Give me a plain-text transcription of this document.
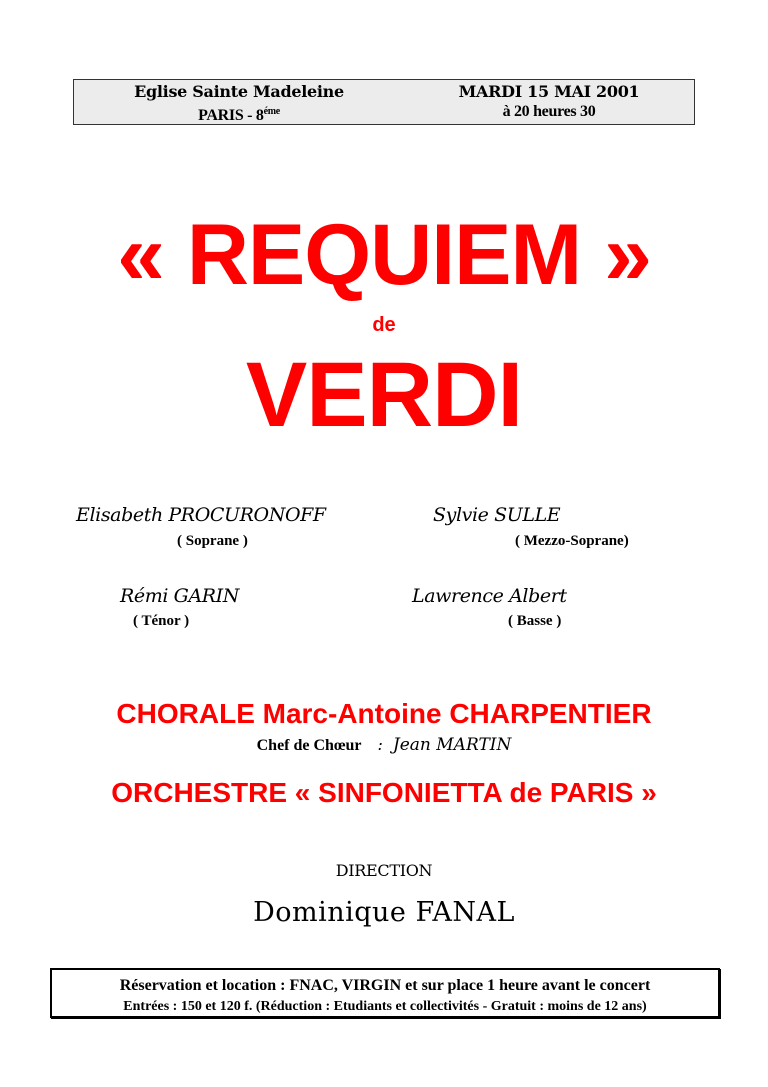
Eglise Sainte Madeleine
PARIS - $8^{éme}$
MARDI 15 MAI 2001
à 20 heures 30
« REQUIEM »
de
VERDI
Elisabeth PROCURONOFF
( Soprane )
Sylvie SULLE
( Mezzo-Soprane)
Rémi GARIN
( Ténor )
Lawrence Albert
( Basse )
CHORALE Marc-Antoine CHARPENTIER
Chef de Chœur : Jean MARTIN
ORCHESTRE « SINFONIETTA de PARIS »
DIRECTION
Dominique FANAL
Réservation et location : FNAC, VIRGIN et sur place 1 heure avant le concert
Entrées : 150 et 120 f. (Réduction : Etudiants et collectivités - Gratuit : moins de 12 ans)
